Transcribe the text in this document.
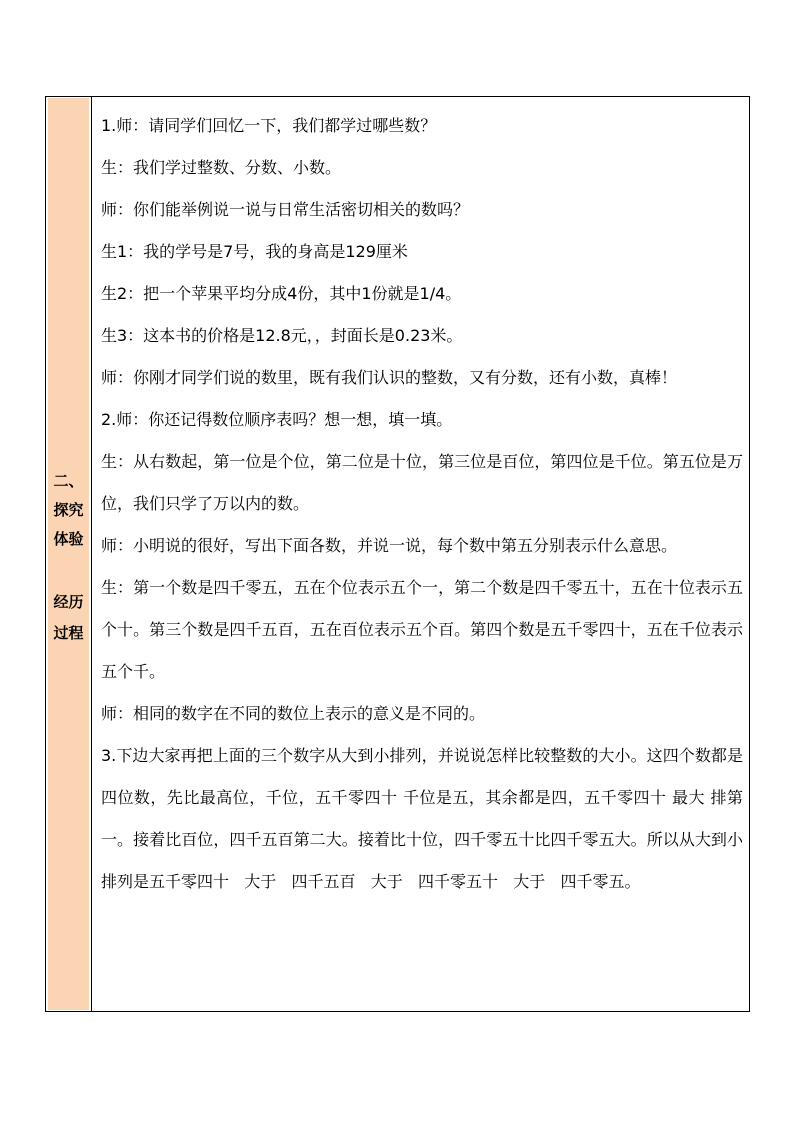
二、
探究
体验
经历
过程

1.师：请同学们回忆一下，我们都学过哪些数？

生：我们学过整数、分数、小数。

师：你们能举例说一说与日常生活密切相关的数吗？

生1：我的学号是7号，我的身高是129厘米

生2：把一个苹果平均分成4份，其中1份就是1/4。

生3：这本书的价格是12.8元，，封面长是0.23米。

师：你刚才同学们说的数里，既有我们认识的整数，又有分数，还有小数，真棒！

2.师：你还记得数位顺序表吗？想一想，填一填。

生：从右数起，第一位是个位，第二位是十位，第三位是百位，第四位是千位。第五位是万位，我们只学了万以内的数。

师：小明说的很好，写出下面各数，并说一说，每个数中第五分别表示什么意思。

生：第一个数是四千零五，五在个位表示五个一，第二个数是四千零五十，五在十位表示五个十。第三个数是四千五百，五在百位表示五个百。第四个数是五千零四十，五在千位表示五个千。

师：相同的数字在不同的数位上表示的意义是不同的。

3.下边大家再把上面的三个数字从大到小排列，并说说怎样比较整数的大小。这四个数都是四位数，先比最高位，千位，五千零四十 千位是五，其余都是四，五千零四十 最大 排第一。接着比百位，四千五百第二大。接着比十位，四千零五十比四千零五大。所以从大到小排列是五千零四十   大于   四千五百   大于   四千零五十   大于   四千零五。
